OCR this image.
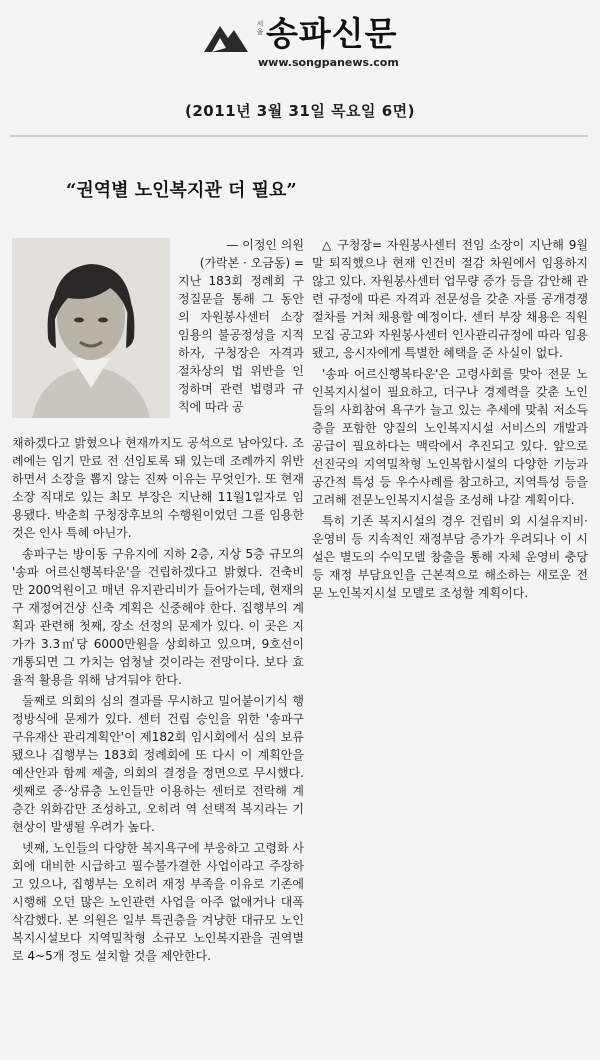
서울 송파신문
www.songpanews.com
(2011년 3월 31일 목요일 6면)
“권역별 노인복지관 더 필요”
— 이정인 의원
(가락본 · 오금동) =
지난 183회 정례회 구정질문을 통해 그 동안의 자원봉사센터 소장 임용의 불공정성을 지적하자, 구청장은 자격과 절차상의 법 위반을 인정하며 관련 법령과 규칙에 따라 공

채하겠다고 밝혔으나 현재까지도 공석으로 남아있다. 조례에는 임기 만료 전 선임토록 돼 있는데 조례까지 위반하면서 소장을 뽑지 않는 진짜 이유는 무엇인가. 또 현재 소장 직대로 있는 최모 부장은 지난해 11월1일자로 임용됐다. 박춘희 구청장후보의 수행원이었던 그를 임용한 것은 인사 특혜 아닌가.

송파구는 방이동 구유지에 지하 2층, 지상 5층 규모의 '송파 어르신행복타운'을 건립하겠다고 밝혔다. 건축비만 200억원이고 매년 유지관리비가 들어가는데, 현재의 구 재정여건상 신축 계획은 신중해야 한다. 집행부의 계획과 관련해 첫째, 장소 선정의 문제가 있다. 이 곳은 지가가 3.3㎡당 6000만원을 상회하고 있으며, 9호선이 개통되면 그 가치는 엄청날 것이라는 전망이다. 보다 효율적 활용을 위해 남겨둬야 한다.

둘째로 의회의 심의 결과를 무시하고 밀어붙이기식 행정방식에 문제가 있다. 센터 건립 승인을 위한 '송파구 구유재산 관리계획안'이 제182회 임시회에서 심의 보류됐으나 집행부는 183회 정례회에 또 다시 이 계획안을 예산안과 함께 제출, 의회의 결정을 정면으로 무시했다. 셋째로 중·상류층 노인들만 이용하는 센터로 전락해 계층간 위화감만 조성하고, 오히려 역 선택적 복지라는 기현상이 발생될 우려가 높다.

넷째, 노인들의 다양한 복지욕구에 부응하고 고령화 사회에 대비한 시급하고 필수불가결한 사업이라고 주장하고 있으나, 집행부는 오히려 재정 부족을 이유로 기존에 시행해 오던 많은 노인관련 사업을 아주 없애거나 대폭 삭감했다. 본 의원은 일부 특권층을 겨냥한 대규모 노인복지시설보다 지역밀착형 소규모 노인복지관을 권역별로 4~5개 정도 설치할 것을 제안한다.

△ 구청장= 자원봉사센터 전임 소장이 지난해 9월말 퇴직했으나 현재 인건비 절감 차원에서 임용하지 않고 있다. 자원봉사센터 업무량 증가 등을 감안해 관련 규정에 따른 자격과 전문성을 갖춘 자를 공개경쟁 절차를 거쳐 채용할 예정이다. 센터 부장 채용은 직원 모집 공고와 자원봉사센터 인사관리규정에 따라 임용됐고, 응시자에게 특별한 혜택을 준 사실이 없다.

'송파 어르신행복타운'은 고령사회를 맞아 전문 노인복지시설이 필요하고, 더구나 경제력을 갖춘 노인들의 사회참여 욕구가 늘고 있는 추세에 맞춰 저소득층을 포함한 양질의 노인복지시설 서비스의 개발과 공급이 필요하다는 맥락에서 추진되고 있다. 앞으로 선진국의 지역밀착형 노인복합시설의 다양한 기능과 공간적 특성 등 우수사례를 참고하고, 지역특성 등을 고려해 전문노인복지시설을 조성해 나갈 계획이다.

특히 기존 복지시설의 경우 건립비 외 시설유지비·운영비 등 지속적인 재정부담 증가가 우려되나 이 시설은 별도의 수익모델 창출을 통해 자체 운영비 충당 등 재정 부담요인을 근본적으로 해소하는 새로운 전문 노인복지시설 모델로 조성할 계획이다.
